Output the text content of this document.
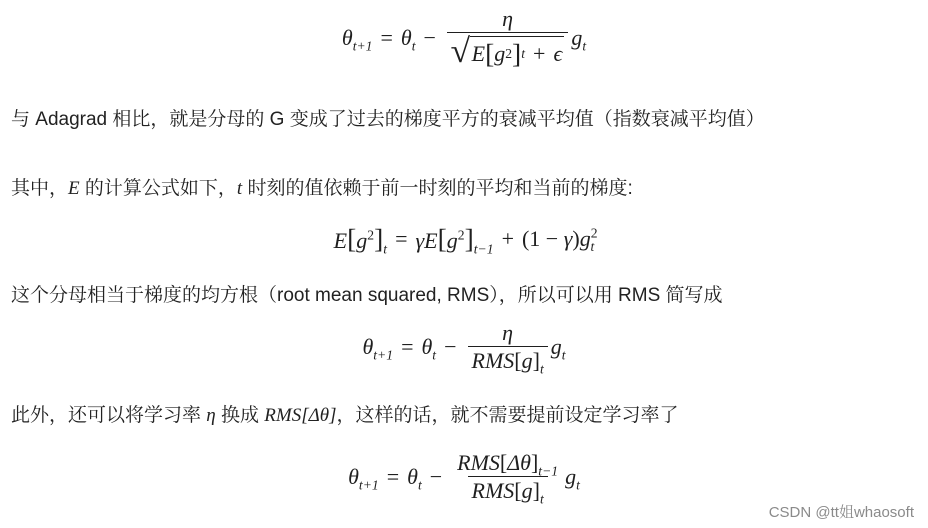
$\theta_{t+1} = \theta_t - \frac{\eta}{√ E [ g 2 ] t + \epsilon} g_t$
与 Adagrad 相比，就是分母的 G 变成了过去的梯度平方的衰减平均值（指数衰减平均值）
其中，E 的计算公式如下，t 时刻的值依赖于前一时刻的平均和当前的梯度:
$E[g^2]_t = \gamma E[g^2]_{t-1} + (1 - \gamma)g^2_t$
这个分母相当于梯度的均方根（root mean squared, RMS），所以可以用 RMS 简写成
$\theta_{t+1} = \theta_t - \frac{\eta}{RMS[g]_t} g_t$
此外，还可以将学习率 η 换成 RMS[Δθ]，这样的话，就不需要提前设定学习率了
$\theta_{t+1} = \theta_t - \frac{RMS[\Delta\theta]_{t-1}}{RMS[g]_t} g_t$
CSDN @tt姐whaosoft
